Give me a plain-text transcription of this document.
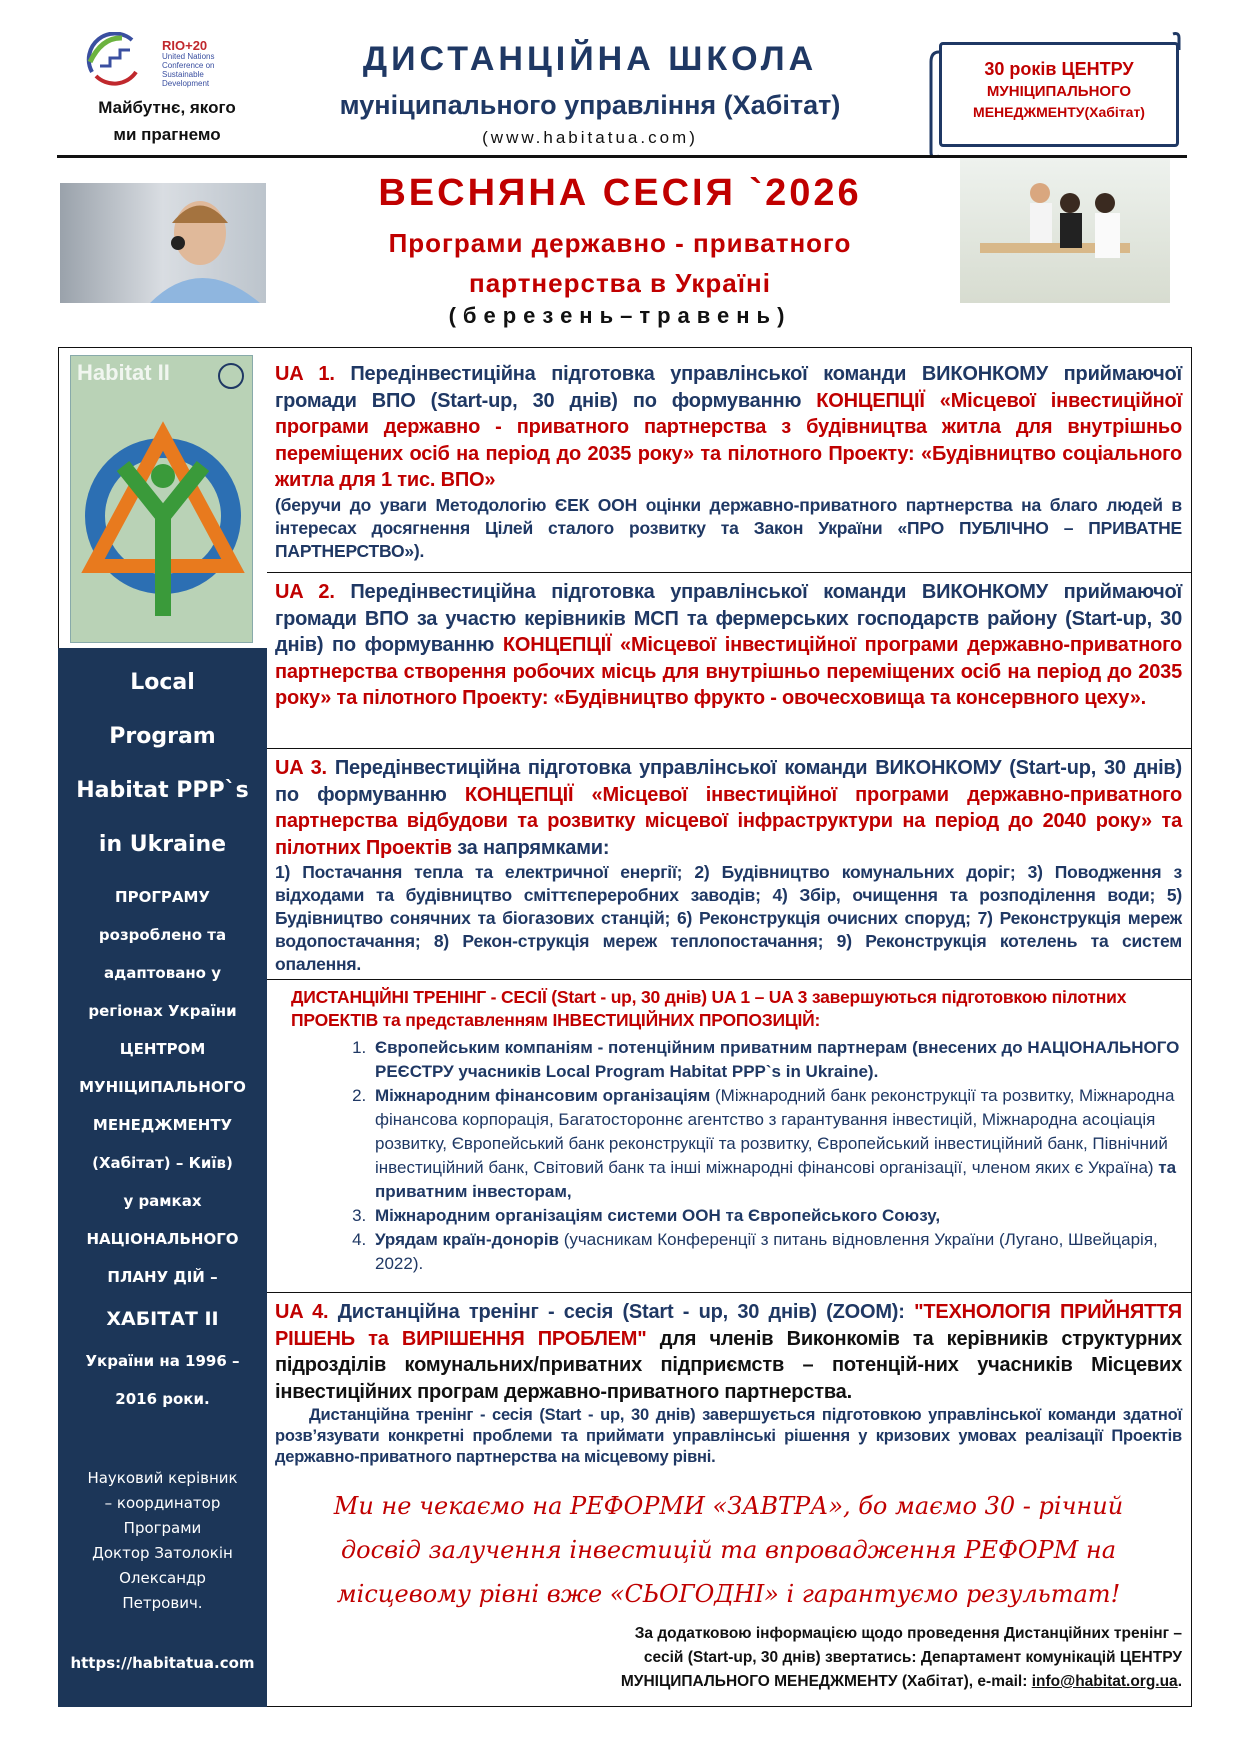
RIO+20
United Nations Conference on Sustainable Development
Майбутнє, якого
ми прагнемо
ДИСТАНЦІЙНА ШКОЛА
муніципального управління (Хабітат)
(www.habitatua.com)
30 років ЦЕНТРУ
МУНІЦИПАЛЬНОГО
МЕНЕДЖМЕНТУ(Хабітат)
ВЕСНЯНА СЕСІЯ `2026
Програми державно - приватного
партнерства в Україні
(березень–травень)
Habitat II
Local
Program
Habitat PPP`s
in Ukraine
ПРОГРАМУ
розроблено та
адаптовано у
регіонах України
ЦЕНТРОМ
МУНІЦИПАЛЬНОГО
МЕНЕДЖМЕНТУ
(Хабітат) – Київ)
у рамках
НАЦІОНАЛЬНОГО
ПЛАНУ ДІЙ –
ХАБІТАТ II
України на 1996 –
2016 роки.
Науковий керівник
– координатор
Програми
Доктор Затолокін
Олександр
Петрович.
https://habitatua.com
UA 1. Передінвестиційна підготовка управлінської команди ВИКОНКОМУ приймаючої громади ВПО (Start-up, 30 днів) по формуванню КОНЦЕПЦІЇ «Місцевої інвестиційної програми державно - приватного партнерства з будівництва житла для внутрішньо переміщених осіб на період до 2035 року» та пілотного Проекту: «Будівництво соціального житла для 1 тис. ВПО»
(беручи до уваги Методологію ЄЕК ООН оцінки державно-приватного партнерства на благо людей в інтересах досягнення Цілей сталого розвитку та Закон України «ПРО ПУБЛІЧНО – ПРИВАТНЕ ПАРТНЕРСТВО»).
UA 2. Передінвестиційна підготовка управлінської команди ВИКОНКОМУ приймаючої громади ВПО за участю керівників МСП та фермерських господарств району (Start-up, 30 днів) по формуванню КОНЦЕПЦІЇ «Місцевої інвестиційної програми державно-приватного партнерства створення робочих місць для внутрішньо переміщених осіб на період до 2035 року» та пілотного Проекту: «Будівництво фрукто - овочесховища та консервного цеху».
UA 3. Передінвестиційна підготовка управлінської команди ВИКОНКОМУ (Start-up, 30 днів) по формуванню КОНЦЕПЦІЇ «Місцевої інвестиційної програми державно-приватного партнерства відбудови та розвитку місцевої інфраструктури на період до 2040 року» та пілотних Проектів за напрямками:
1) Постачання тепла та електричної енергії; 2) Будівництво комунальних доріг; 3) Поводження з відходами та будівництво сміттєпереробних заводів; 4) Збір, очищення та розподілення води; 5) Будівництво сонячних та біогазових станцій; 6) Реконструкція очисних споруд; 7) Реконструкція мереж водопостачання; 8) Рекон-струкція мереж теплопостачання; 9) Реконструкція котелень та систем опалення.
ДИСТАНЦІЙНІ ТРЕНІНГ - СЕСІЇ (Start - up, 30 днів) UA 1 – UA 3 завершуються підготовкою пілотних ПРОЕКТІВ та представленням ІНВЕСТИЦІЙНИХ ПРОПОЗИЦІЙ:
1. Європейським компаніям - потенційним приватним партнерам (внесених до НАЦІОНАЛЬНОГО РЕЄСТРУ учасників Local Program Habitat PPP`s in Ukraine).
2. Міжнародним фінансовим організаціям (Міжнародний банк реконструкції та розвитку, Міжнародна фінансова корпорація, Багатостороннє агентство з гарантування інвестицій, Міжнародна асоціація розвитку, Європейський банк реконструкції та розвитку, Європейський інвестиційний банк, Північний інвестиційний банк, Світовий банк та інші міжнародні фінансові організації, членом яких є Україна) та приватним інвесторам,
3. Міжнародним організаціям системи ООН та Європейського Союзу,
4. Урядам країн-донорів (учасникам Конференції з питань відновлення України (Лугано, Швейцарія, 2022).
UA 4. Дистанційна тренінг - сесія (Start - up, 30 днів) (ZOOM): "ТЕХНОЛОГІЯ ПРИЙНЯТТЯ РІШЕНЬ та ВИРІШЕННЯ ПРОБЛЕМ" для членів Виконкомів та керівників структурних підрозділів комунальних/приватних підприємств – потенцій-них учасників Місцевих інвестиційних програм державно-приватного партнерства.
Дистанційна тренінг - сесія (Start - up, 30 днів) завершується підготовкою управлінської команди здатної розв’язувати конкретні проблеми та приймати управлінські рішення у кризових умовах реалізації Проектів державно-приватного партнерства на місцевому рівні.
Ми не чекаємо на РЕФОРМИ «ЗАВТРА», бо маємо 30 - річний
досвід залучення інвестицій та впровадження РЕФОРМ на
місцевому рівні вже «СЬОГОДНІ» і гарантуємо результат!
За додатковою інформацією щодо проведення Дистанційних тренінг –
сесій (Start-up, 30 днів) звертатись: Департамент комунікацій ЦЕНТРУ
МУНІЦИПАЛЬНОГО МЕНЕДЖМЕНТУ (Хабітат), e-mail: info@habitat.org.ua.
